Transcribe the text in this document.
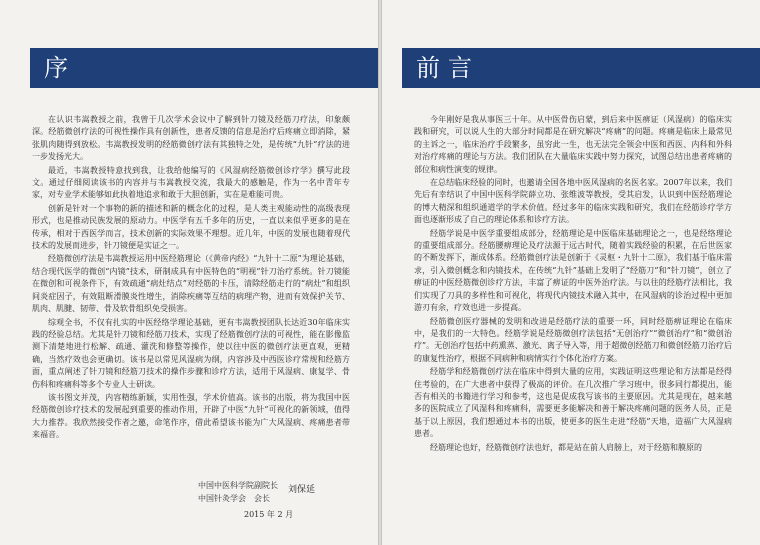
序

在认识韦嵩教授之前，我曾于几次学术会议中了解到针刀镜及经筋刀疗法，印象颇深。经筋微创疗法的可视性操作具有创新性，患者反馈的信息是治疗后疼痛立即消除，紧张肌肉随得到放松。韦嵩教授发明的经筋微创疗法有其独特之处，是传统“九针”疗法的进一步发扬光大。

最近，韦嵩教授特意找到我，让我给他编写的《风湿病经筋微创诊疗学》撰写此段文。通过仔细阅读该书的内容并与韦嵩教授交流，我最大的感触是，作为一名中青年专家，对专业学术能够如此执着地追求和敢于大胆创新，实在是难能可贵。

创新是针对一个事物的新的描述和新的概念化的过程，是人类主观能动性的高级表现形式，也是推动民族发展的原动力。中医学有五千多年的历史，一直以来似乎更多的是在传承，相对于西医学而言，技术创新的实际效果不理想。近几年，中医的发展也随着现代技术的发展而进步，针刀镜便是实证之一。

经筋微创疗法是韦嵩教授运用中医经筋理论（《黄帝内经》“九针十二原”为理论基础，结合现代医学的微创“内镜”技术，研制成具有中医特色的“明视”针刀治疗系统。针刀镜能在微创和可视条件下，有效疏通“病灶结点”对经筋的卡压，清除经筋走行的“病灶”和组织间炎症因子，有效阻断滑膜炎性增生，消除疾痛等互结的病理产物，进而有效保护关节、肌肉、肌腱、韧带、骨及软骨组织免受损害。

综观全书，不仅有扎实的中医经络学理论基础，更有韦嵩教授团队长达近30年临床实践的经验总结。尤其是针刀镜和经筋刀技术，实现了经筋微创疗法的可视性，能在影像监测下清楚地进行松解、疏通、灌洗和修整等操作，使以往中医的微创疗法更直观，更精确，当然疗效也会更确切。该书是以常见风湿病为纲，内容涉及中西医诊疗常规和经筋方面，重点阐述了针刀镜和经筋刀技术的操作步骤和诊疗方法，适用于风湿病、康复学、骨伤科和疼痛科等多个专业人士研读。

该书图文并茂，内容精练新颖，实用性强，学术价值高。该书的出版，将为我国中医经筋微创诊疗技术的发展起到重要的推动作用，开辟了中医“九针”可视化的新领域，值得大力推荐。我欣然接受作者之邀，命笔作序，借此希望该书能为广大风湿病、疼痛患者带来福音。

中国中医科学院副院长
中国针灸学会　会长
刘保延
2015 年 2 月
前言

今年刚好是我从事医三十年。从中医骨伤启蒙，到后来中医痹证（风湿病）的临床实践和研究，可以说人生的大部分时间都是在研究解决“疼痛”的问题。疼痛是临床上最常见的主诉之一，临床治疗手段繁多，虽穷此一生，也无法完全领会中医和西医、内科和外科对治疗疼痛的理论与方法。我们团队在大量临床实践中努力探究，试图总结出患者疼痛的部位和病性演变的规律。

在总结临床经验的同时，也邀请全国各地中医风湿病的名医名家。2007年以来，我们先后有幸结识了中国中医科学院薛立功、张维波等教授，受其启发，认识到中医经筋理论的博大精深和组织通道学的学术价值。经过多年的临床实践和研究，我们在经筋诊疗学方面也逐渐形成了自己的理论体系和诊疗方法。

经筋学说是中医学重要组成部分，经筋理论是中医临床基础理论之一，也是经络理论的重要组成部分。经筋腰痹理论及疗法源于远古时代，随着实践经验的积累，在后世医家的不断发挥下，渐成体系。经筋微创疗法是创新于《灵枢・九针十二原》，我们基于临床需求，引入微创概念和内镜技术，在传统“九针”基础上发明了“经筋刀”和“针刀镜”，创立了痹证的中医经筋微创诊疗方法，丰富了痹证的中医外治疗法。与以往的经筋疗法相比，我们实现了刀具的多样性和可视化，将现代内镜技术融入其中，在风湿病的诊治过程中更加游刃有余，疗效也进一步提高。

经筋微创医疗器械的发明和改进是经筋疗法的重要一环，同时经筋痹证理论在临床中，是我们的一大特色。经筋学说是经筋微创疗法包括“无创治疗”“微创治疗”和“微创治疗”。无创治疗包括中药熏蒸、激光、离子导入等，用于超微创经筋刀和微创经筋刀治疗后的康复性治疗，根据不同病种和病情实行个体化治疗方案。

经筋学和经筋微创疗法在临床中得到大量的应用，实践证明这些理论和方法都是经得住考验的，在广大患者中获得了极高的评价。在几次推广学习班中，很多同行都提出，能否有相关的书籍进行学习和参考，这也是促成我写该书的主要原因。尤其是现在，越来越多的医院成立了风湿科和疼痛科，需要更多能解决和善于解决疼痛问题的医务人员，正是基于以上原因，我们想通过本书的出版，使更多的医生走进“经筋”天地，造福广大风湿病患者。

经筋理论也好，经筋微创疗法也好，都是站在前人肩膀上，对于经筋和膜原的
